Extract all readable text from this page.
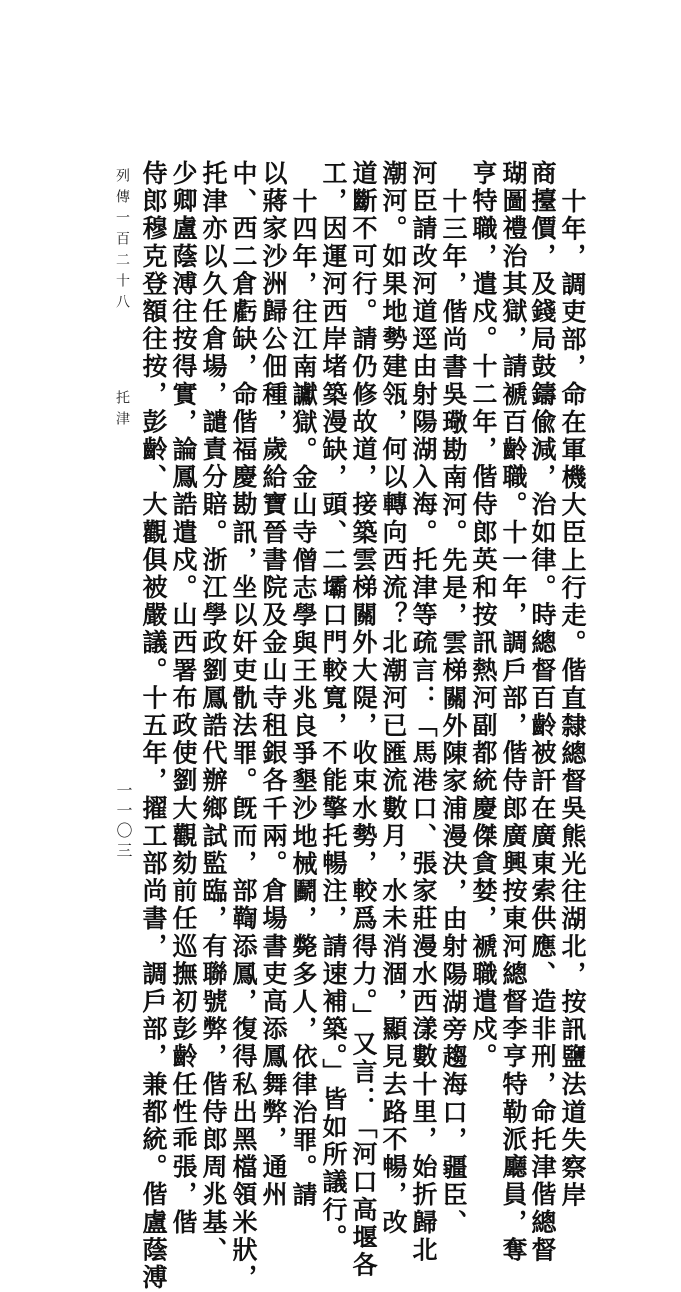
十年，調吏部，命在軍機大臣上行走。偕直隸總督吳熊光往湖北，按訊鹽法道失察岸
商擡價，及錢局鼓鑄偸減，治如律。時總督百齡被訐在廣東索供應、造非刑，命托津偕總督
瑚圖禮治其獄，請褫百齡職。十一年，調戶部，偕侍郎廣興按東河總督李亨特勒派廳員，奪
亨特職，遣戍。十二年，偕侍郎英和按訊熱河副都統慶傑貪婪，褫職遣戍。
十三年，偕尚書吳璥勘南河。先是，雲梯關外陳家浦漫決，由射陽湖旁趨海口，疆臣、
河臣請改河道逕由射陽湖入海。托津等疏言：「馬港口、張家莊漫水西漾數十里，始折歸北
潮河。如果地勢建瓴，何以轉向西流？北潮河已匯流數月，水未消涸，顯見去路不暢，改
道斷不可行。請仍修故道，接築雲梯關外大隄，收束水勢，較爲得力。」又言：「河口高堰各
工，因運河西岸堵築漫缺，頭、二壩口門較寬，不能擎托暢注，請速補築。」皆如所議行。
十四年，往江南讞獄。金山寺僧志學與王兆良爭墾沙地械鬬，斃多人，依律治罪。請
以蔣家沙洲歸公佃種，歲給寶晉書院及金山寺租銀各千兩。倉場書吏高添鳳舞弊，通州
中、西二倉虧缺，命偕福慶勘訊，坐以奸吏骩法罪。旣而，部鞫添鳳，復得私出黑檔領米狀，
托津亦以久任倉場，譴責分賠。浙江學政劉鳳誥代辦鄉試監臨，有聯號弊，偕侍郎周兆基、
少卿盧蔭溥往按得實，論鳳誥遣戍。山西署布政使劉大觀劾前任巡撫初彭齡任性乖張，偕
侍郎穆克登額往按，彭齡、大觀俱被嚴議。十五年，擢工部尚書，調戶部，兼都統。偕盧蔭溥
列傳一百二十八
托津
一一〇三
